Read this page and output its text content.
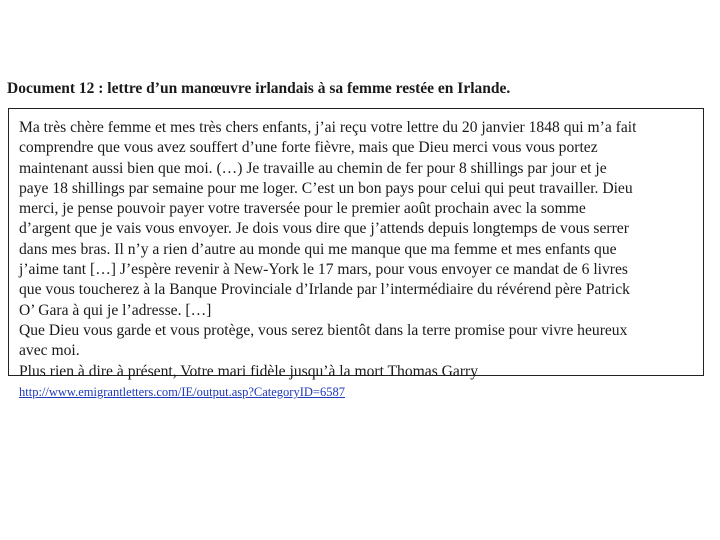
Document 12 : lettre d’un manœuvre irlandais à sa femme restée en Irlande.
Ma très chère femme et mes très chers enfants, j’ai reçu votre lettre du 20 janvier 1848 qui m’a fait
comprendre que vous avez souffert d’une forte fièvre, mais que Dieu merci vous vous portez
maintenant aussi bien que moi. (…) Je travaille au chemin de fer pour 8 shillings par jour et je
paye 18 shillings par semaine pour me loger. C’est un bon pays pour celui qui peut travailler. Dieu
merci, je pense pouvoir payer votre traversée pour le premier août prochain avec la somme
d’argent que je vais vous envoyer. Je dois vous dire que j’attends depuis longtemps de vous serrer
dans mes bras. Il n’y a rien d’autre au monde qui me manque que ma femme et mes enfants que
j’aime tant […] J’espère revenir à New-York le 17 mars, pour vous envoyer ce mandat de 6 livres
que vous toucherez à la Banque Provinciale d’Irlande par l’intermédiaire du révérend père Patrick
O’ Gara à qui je l’adresse. […]
Que Dieu vous garde et vous protège, vous serez bientôt dans la terre promise pour vivre heureux
avec moi.
Plus rien à dire à présent, Votre mari fidèle jusqu’à la mort Thomas Garry
http://www.emigrantletters.com/IE/output.asp?CategoryID=6587
